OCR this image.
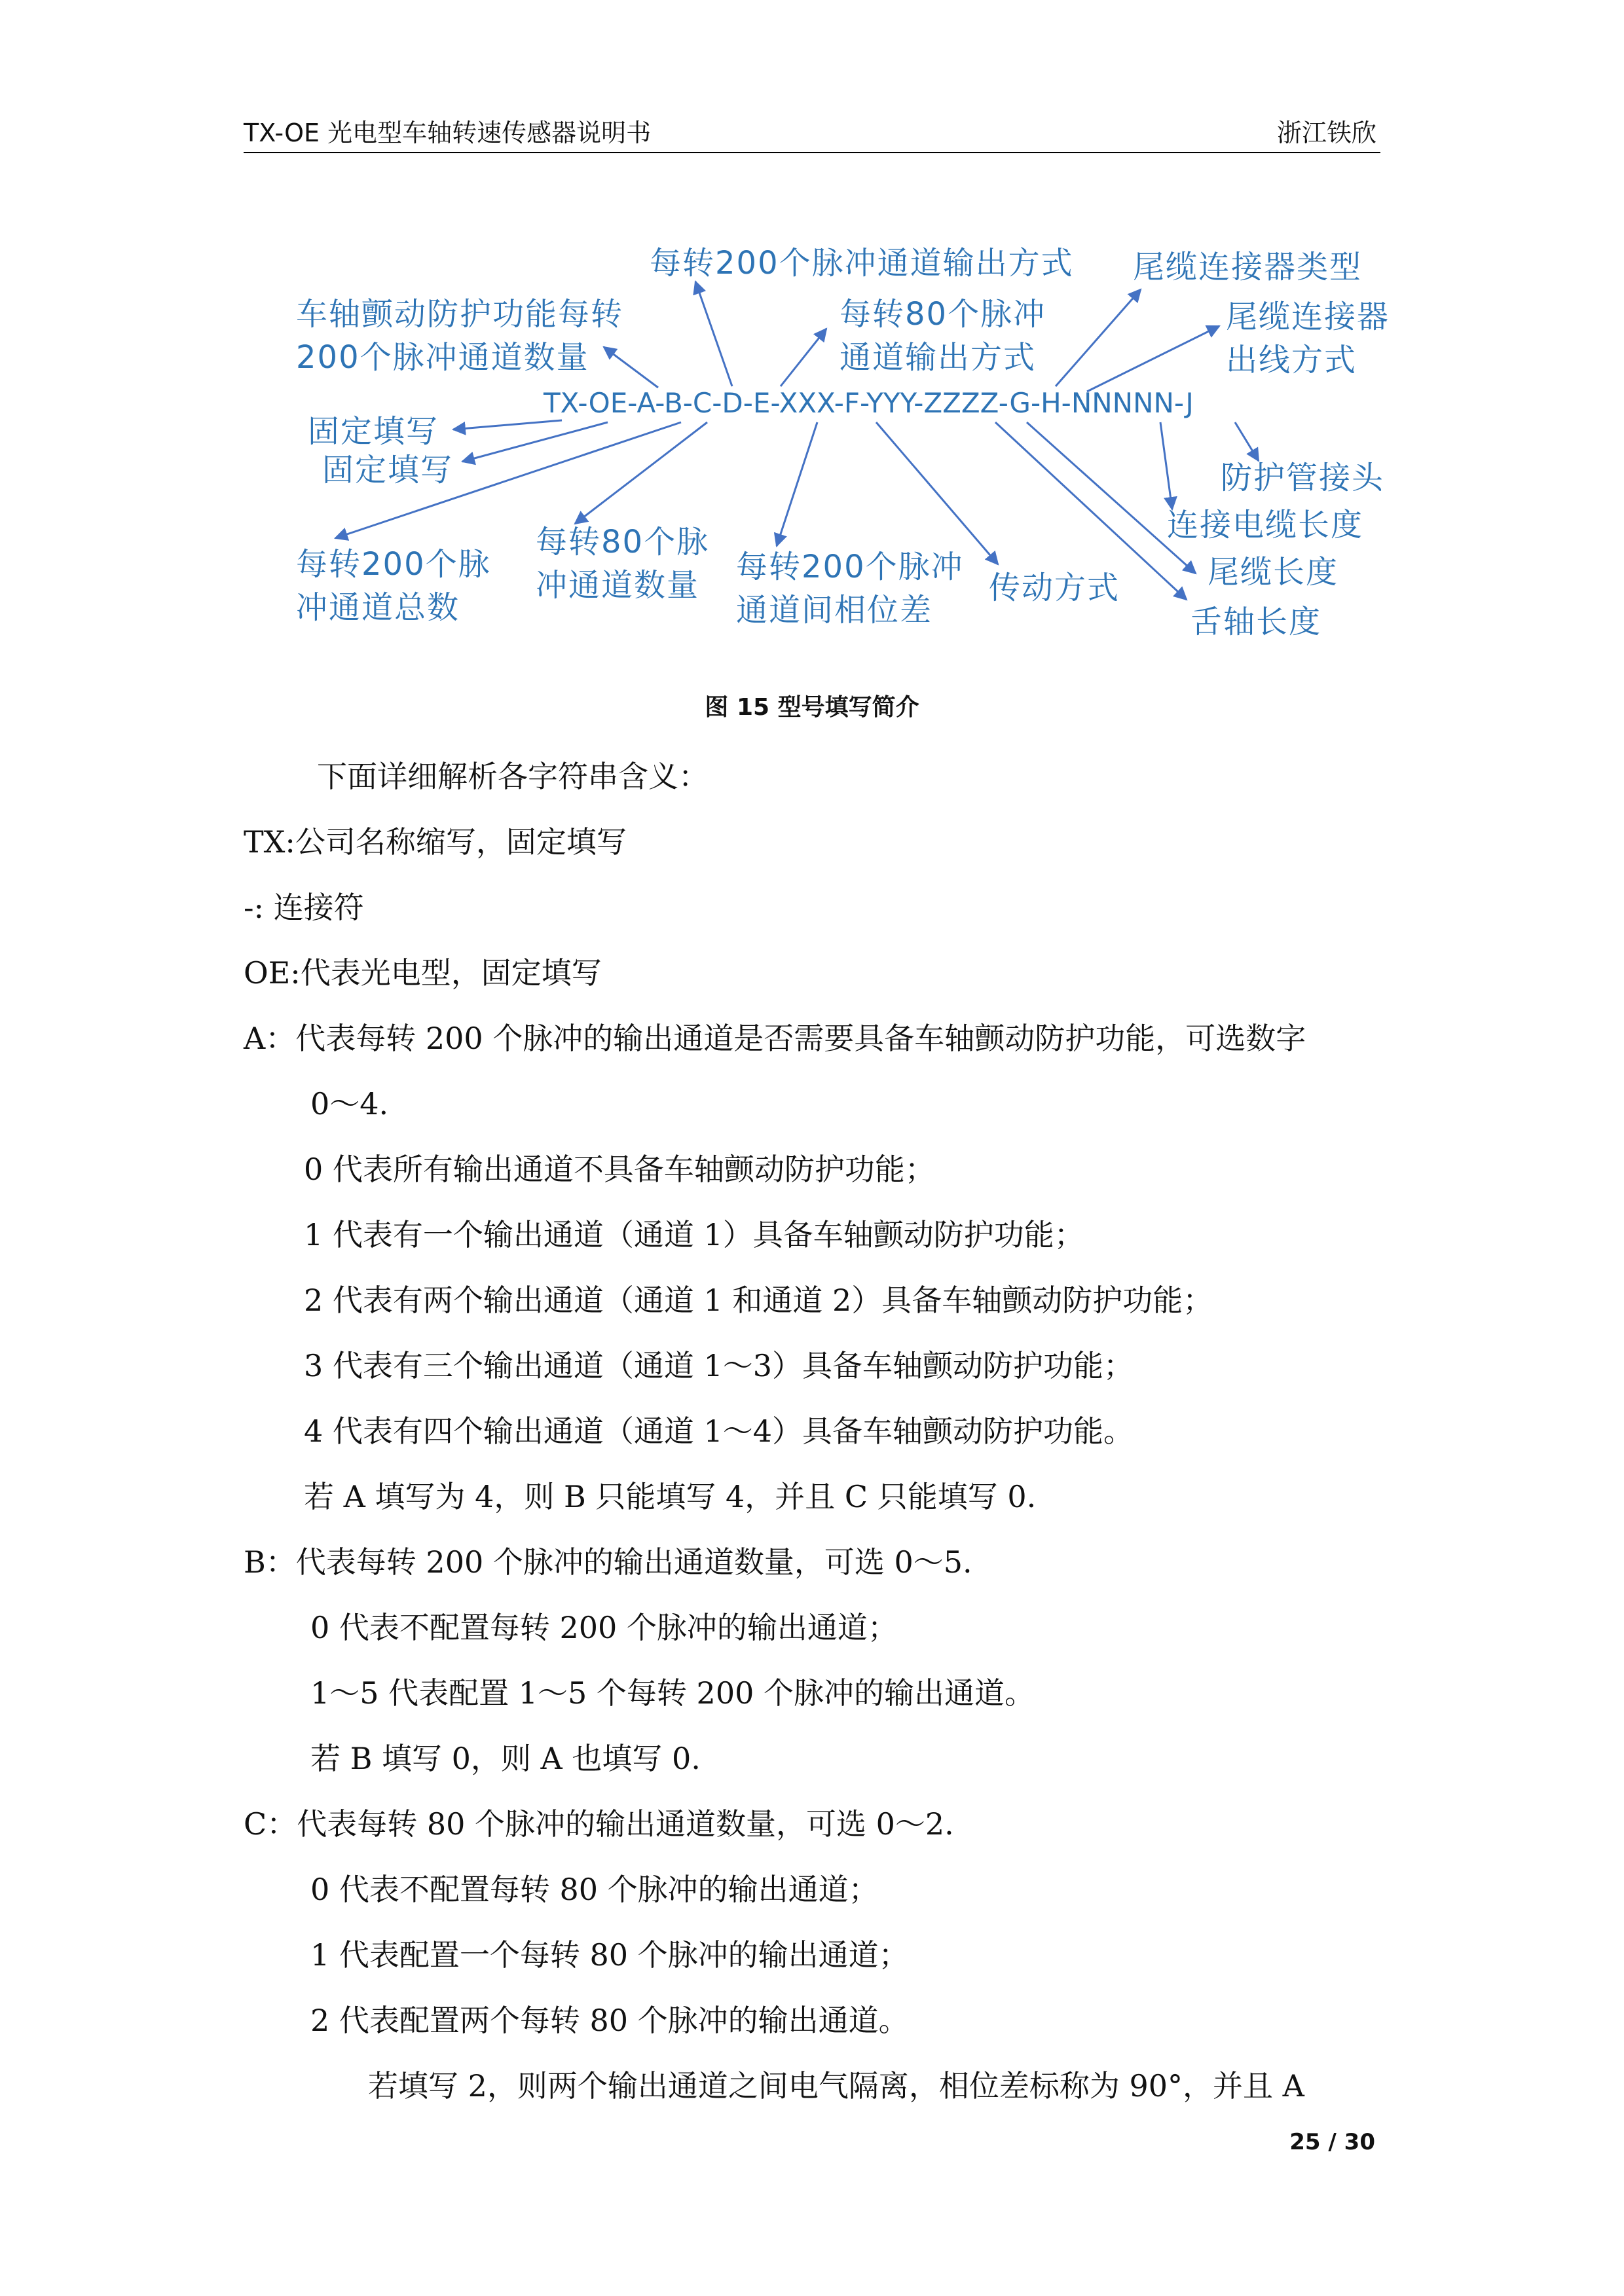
TX-OE 光电型车轴转速传感器说明书	浙江铁欣
每转200个脉冲通道输出方式 尾缆连接器类型
车轴颤动防护功能每转
200个脉冲通道数量
每转80个脉冲
通道输出方式
尾缆连接器
出线方式
TX-OE-A-B-C-D-E-XXX-F-YYY-ZZZZ-G-H-NNNNN-J
固定填写
固定填写	防护管接头
连接电缆长度
每转200个脉
冲通道总数
每转80个脉
冲通道数量 每转200个脉冲
通道间相位差
传动方式	尾缆长度
舌轴长度
图 15 型号填写简介
下面详细解析各字符串含义：
TX:公司名称缩写，固定填写
-: 连接符
OE:代表光电型，固定填写
A：代表每转 200 个脉冲的输出通道是否需要具备车轴颤动防护功能，可选数字
0～4.
0 代表所有输出通道不具备车轴颤动防护功能；
1 代表有一个输出通道（通道 1）具备车轴颤动防护功能；
2 代表有两个输出通道（通道 1 和通道 2）具备车轴颤动防护功能；
3 代表有三个输出通道（通道 1～3）具备车轴颤动防护功能；
4 代表有四个输出通道（通道 1～4）具备车轴颤动防护功能。
若 A 填写为 4，则 B 只能填写 4，并且 C 只能填写 0.
B：代表每转 200 个脉冲的输出通道数量，可选 0～5.
0 代表不配置每转 200 个脉冲的输出通道；
1～5 代表配置 1～5 个每转 200 个脉冲的输出通道。
若 B 填写 0，则 A 也填写 0.
C：代表每转 80 个脉冲的输出通道数量，可选 0～2.
0 代表不配置每转 80 个脉冲的输出通道；
1 代表配置一个每转 80 个脉冲的输出通道；
2 代表配置两个每转 80 个脉冲的输出通道。
若填写 2，则两个输出通道之间电气隔离，相位差标称为 90°，并且 A
25 / 30
